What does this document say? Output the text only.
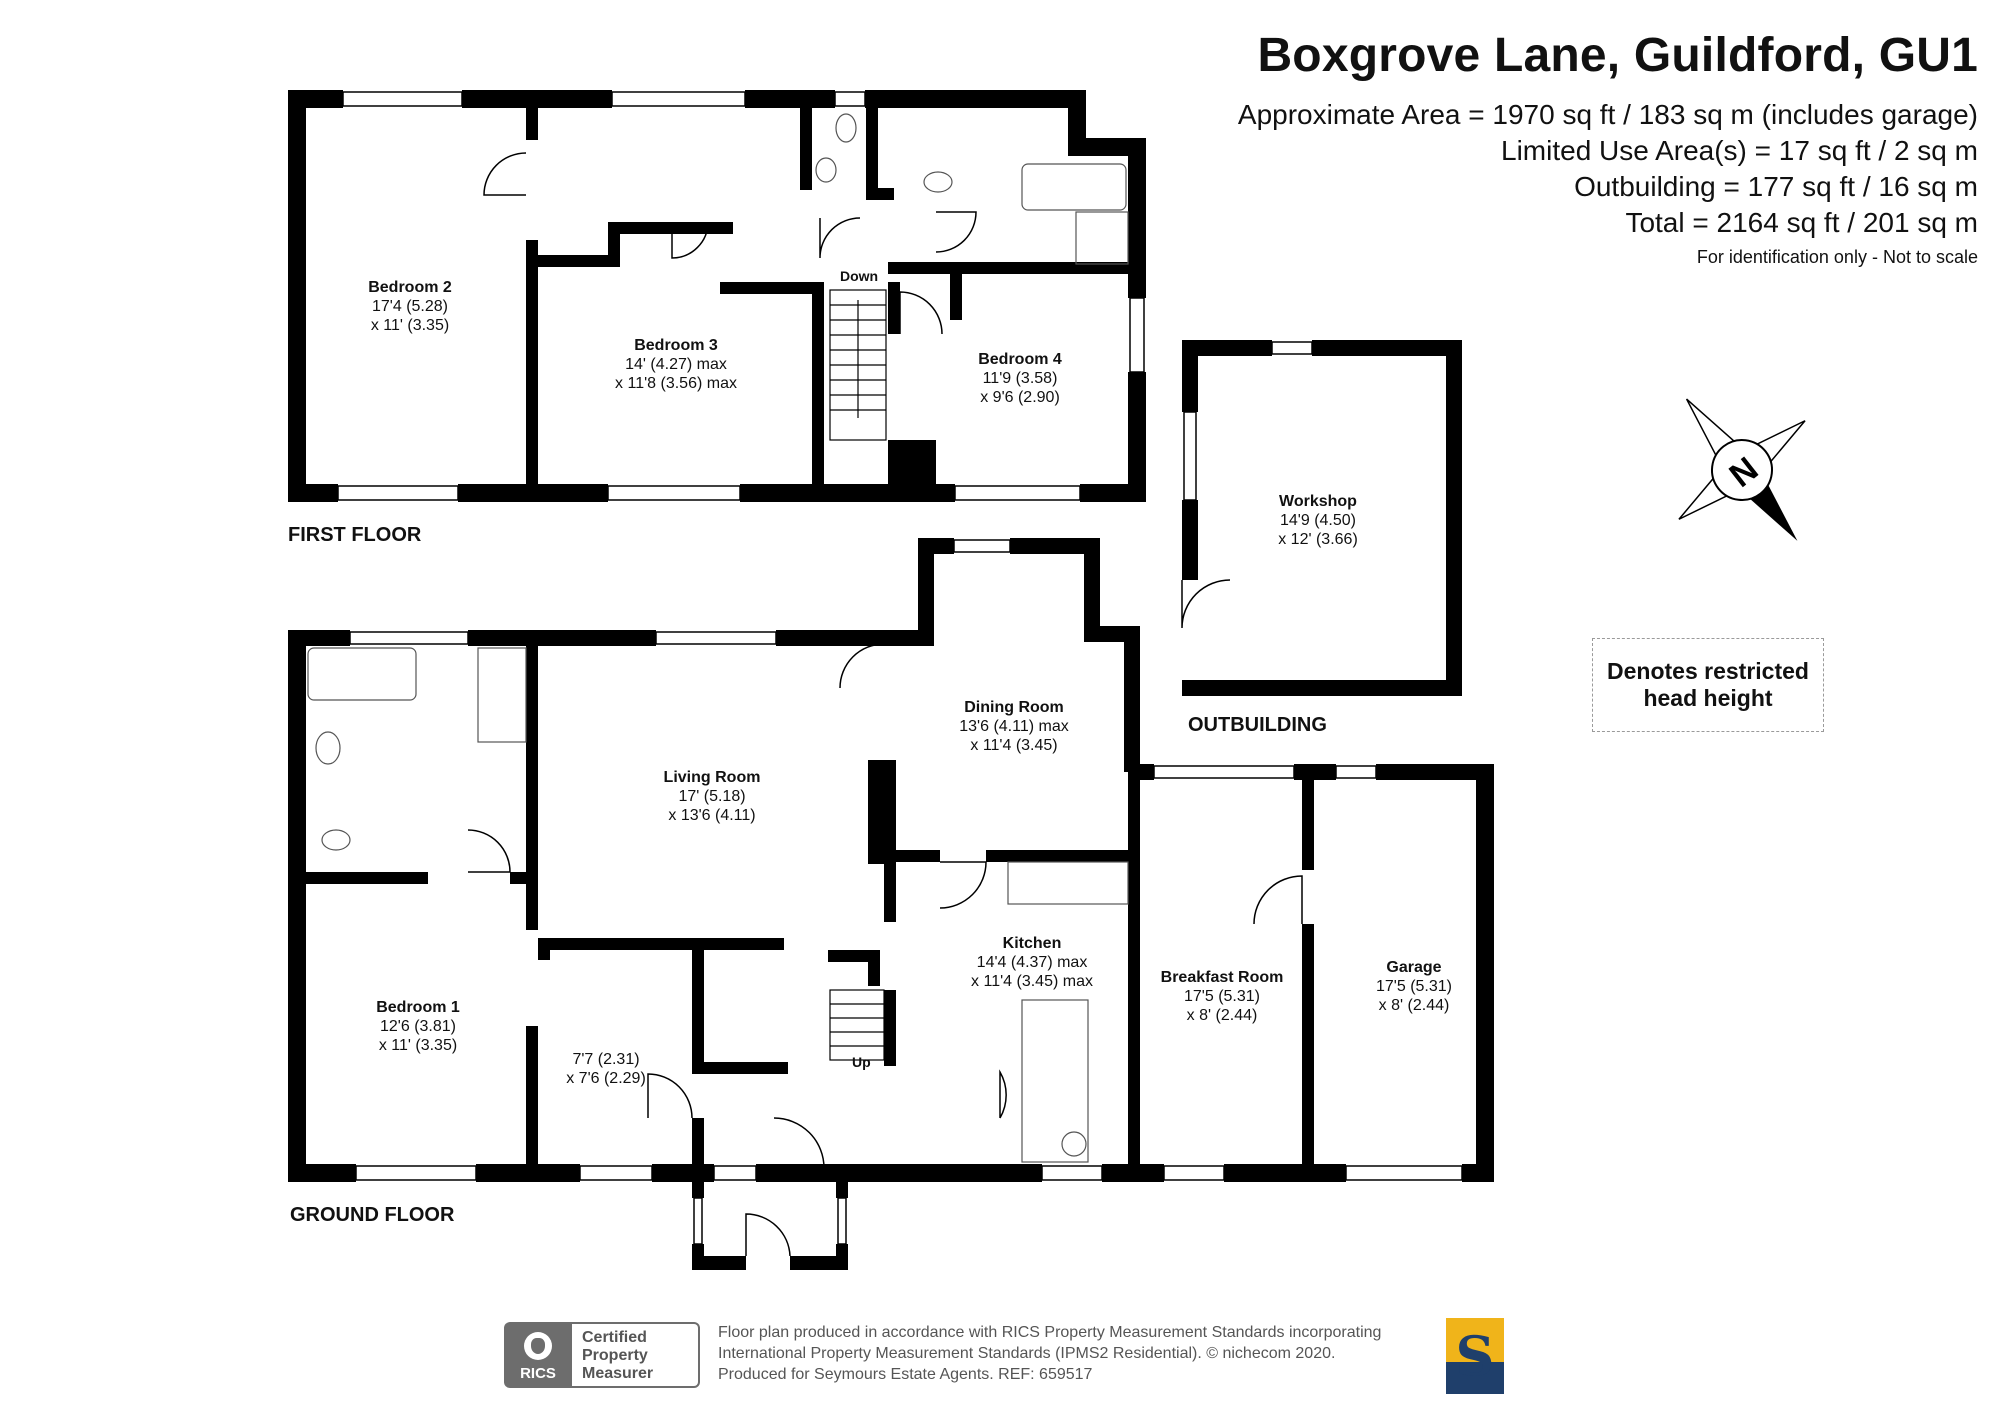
N
Boxgrove Lane, Guildford, GU1
Approximate Area = 1970 sq ft / 183 sq m (includes garage)
Limited Use Area(s) = 17 sq ft / 2 sq m
Outbuilding = 177 sq ft / 16 sq m
Total = 2164 sq ft / 201 sq m
For identification only - Not to scale
FIRST FLOOR
GROUND FLOOR
OUTBUILDING
Bedroom 2
17'4 (5.28)
x 11' (3.35)
Bedroom 3
14' (4.27) max
x 11'8 (3.56) max
Bedroom 4
11'9 (3.58)
x 9'6 (2.90)
Workshop
14'9 (4.50)
x 12' (3.66)
Dining Room
13'6 (4.11) max
x 11'4 (3.45)
Living Room
17' (5.18)
x 13'6 (4.11)
Kitchen
14'4 (4.37) max
x 11'4 (3.45) max	Breakfast Room
17'5 (5.31)
x 8' (2.44)
Garage
17'5 (5.31)
x 8' (2.44)
Bedroom 1
12'6 (3.81)
x 11' (3.35)
7'7 (2.31)
x 7'6 (2.29)
Down
Up
Denotes restricted
head height
RICS
Certified
Property
Measurer
Floor plan produced in accordance with RICS Property Measurement Standards incorporating
International Property Measurement Standards (IPMS2 Residential). © nichecom 2020.
Produced for Seymours Estate Agents. REF: 659517	S
